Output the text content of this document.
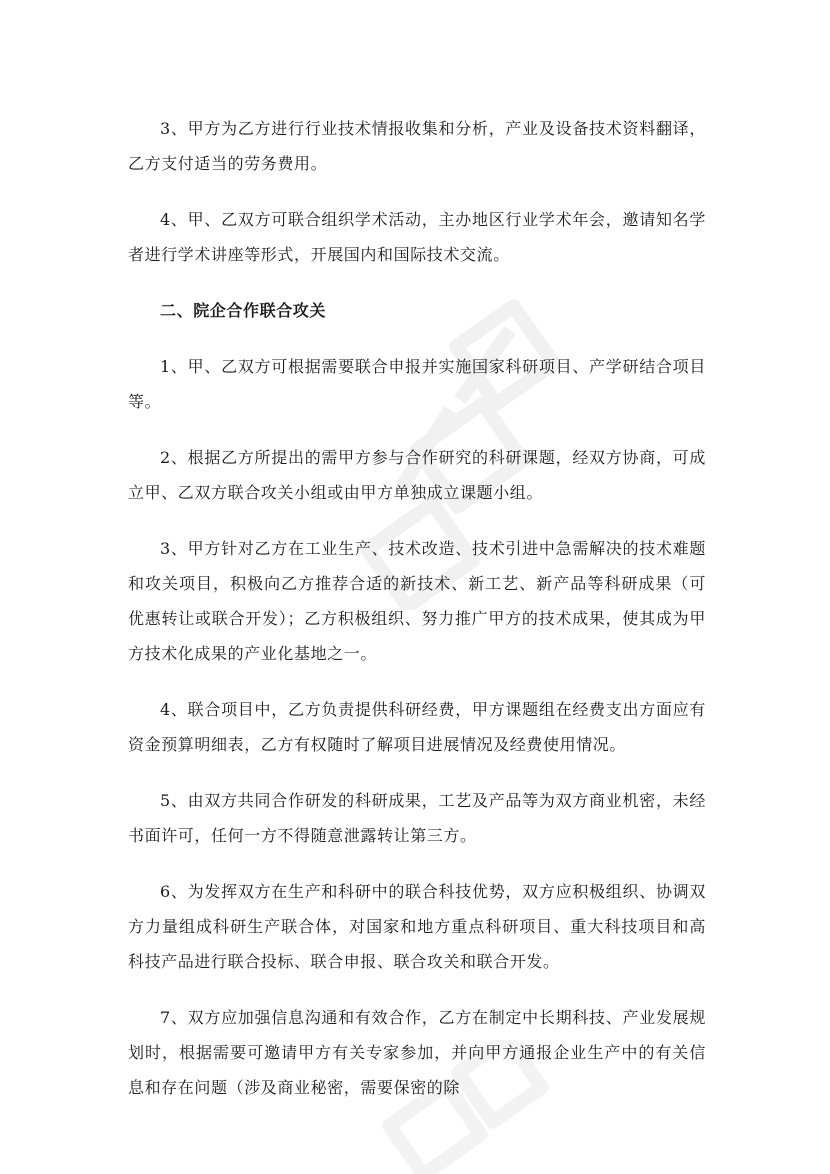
3、甲方为乙方进行行业技术情报收集和分析，产业及设备技术资料翻译，乙方支付适当的劳务费用。

4、甲、乙双方可联合组织学术活动，主办地区行业学术年会，邀请知名学者进行学术讲座等形式，开展国内和国际技术交流。

二、院企合作联合攻关

1、甲、乙双方可根据需要联合申报并实施国家科研项目、产学研结合项目等。

2、根据乙方所提出的需甲方参与合作研究的科研课题，经双方协商，可成立甲、乙双方联合攻关小组或由甲方单独成立课题小组。

3、甲方针对乙方在工业生产、技术改造、技术引进中急需解决的技术难题和攻关项目，积极向乙方推荐合适的新技术、新工艺、新产品等科研成果（可优惠转让或联合开发）；乙方积极组织、努力推广甲方的技术成果，使其成为甲方技术化成果的产业化基地之一。

4、联合项目中，乙方负责提供科研经费，甲方课题组在经费支出方面应有资金预算明细表，乙方有权随时了解项目进展情况及经费使用情况。

5、由双方共同合作研发的科研成果，工艺及产品等为双方商业机密，未经书面许可，任何一方不得随意泄露转让第三方。

6、为发挥双方在生产和科研中的联合科技优势，双方应积极组织、协调双方力量组成科研生产联合体，对国家和地方重点科研项目、重大科技项目和高科技产品进行联合投标、联合申报、联合攻关和联合开发。

7、双方应加强信息沟通和有效合作，乙方在制定中长期科技、产业发展规划时，根据需要可邀请甲方有关专家参加，并向甲方通报企业生产中的有关信息和存在问题（涉及商业秘密，需要保密的除
